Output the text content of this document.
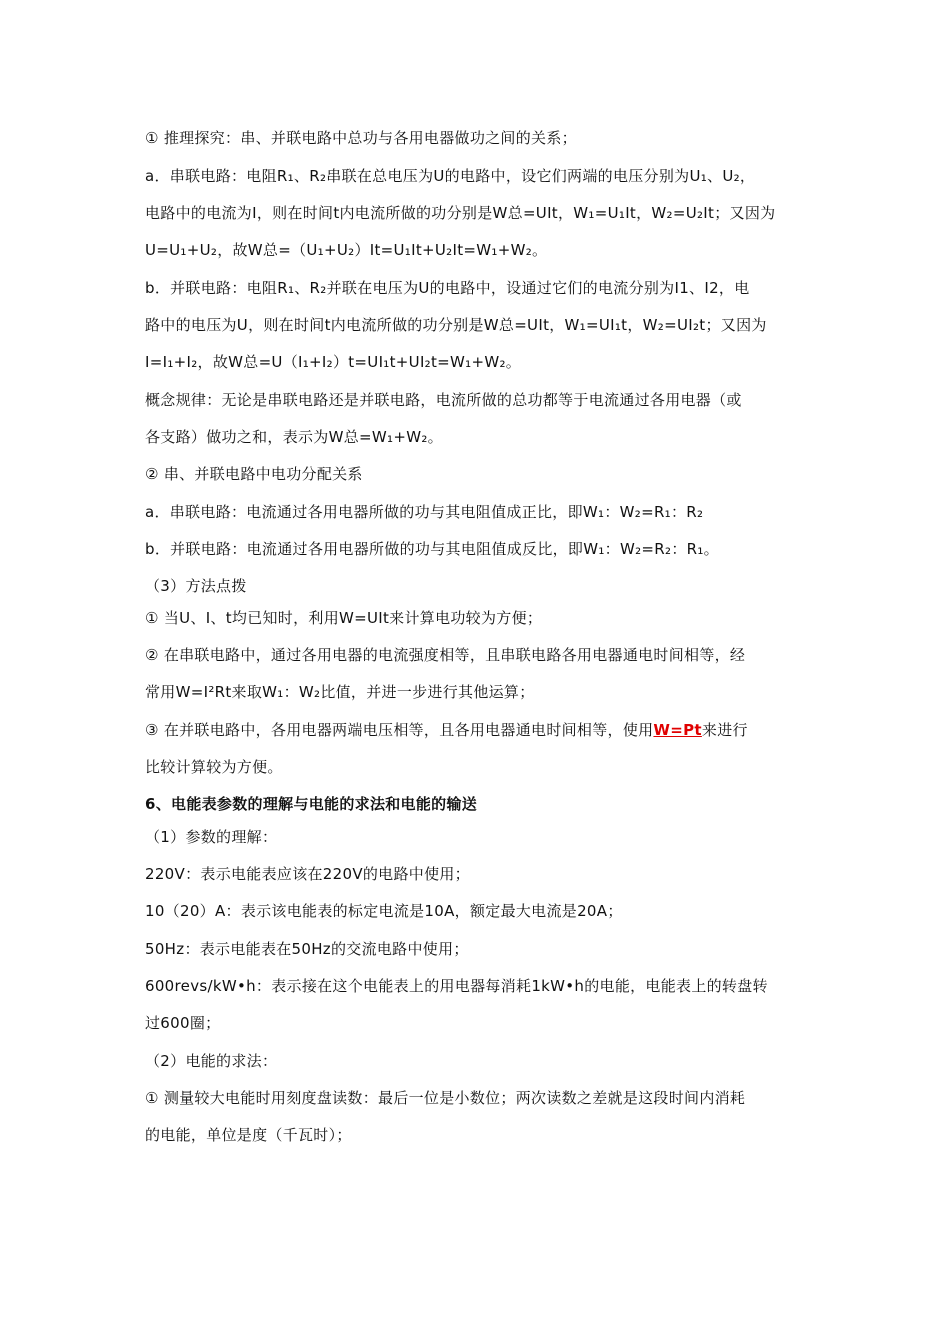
① 推理探究：串、并联电路中总功与各用电器做功之间的关系；
a．串联电路：电阻R₁、R₂串联在总电压为U的电路中，设它们两端的电压分别为U₁、U₂，
电路中的电流为I，则在时间t内电流所做的功分别是W总=UIt，W₁=U₁It，W₂=U₂It；又因为
U=U₁+U₂，故W总=（U₁+U₂）It=U₁It+U₂It=W₁+W₂。
b．并联电路：电阻R₁、R₂并联在电压为U的电路中，设通过它们的电流分别为I1、I2，电
路中的电压为U，则在时间t内电流所做的功分别是W总=UIt，W₁=UI₁t，W₂=UI₂t；又因为
I=I₁+I₂，故W总=U（I₁+I₂）t=UI₁t+UI₂t=W₁+W₂。
概念规律：无论是串联电路还是并联电路，电流所做的总功都等于电流通过各用电器（或
各支路）做功之和，表示为W总=W₁+W₂。
② 串、并联电路中电功分配关系
a．串联电路：电流通过各用电器所做的功与其电阻值成正比，即W₁：W₂=R₁：R₂
b．并联电路：电流通过各用电器所做的功与其电阻值成反比，即W₁：W₂=R₂：R₁。
（3）方法点拨
① 当U、I、t均已知时，利用W=UIt来计算电功较为方便；
② 在串联电路中，通过各用电器的电流强度相等，且串联电路各用电器通电时间相等，经
常用W=I²Rt来取W₁：W₂比值，并进一步进行其他运算；
③ 在并联电路中，各用电器两端电压相等，且各用电器通电时间相等，使用W=Pt来进行
比较计算较为方便。
6、电能表参数的理解与电能的求法和电能的输送
（1）参数的理解：
220V：表示电能表应该在220V的电路中使用；
10（20）A：表示该电能表的标定电流是10A，额定最大电流是20A；
50Hz：表示电能表在50Hz的交流电路中使用；
600revs/kW•h：表示接在这个电能表上的用电器每消耗1kW•h的电能，电能表上的转盘转
过600圈；
（2）电能的求法：
① 测量较大电能时用刻度盘读数：最后一位是小数位；两次读数之差就是这段时间内消耗
的电能，单位是度（千瓦时）；
